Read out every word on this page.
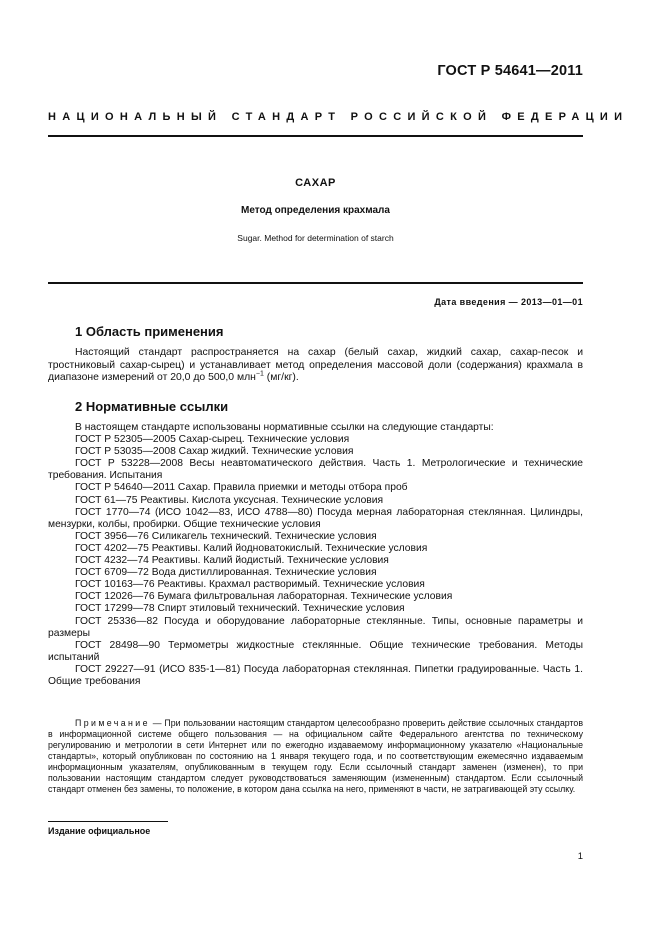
ГОСТ Р 54641—2011
НАЦИОНАЛЬНЫЙ СТАНДАРТ РОССИЙСКОЙ ФЕДЕРАЦИИ
САХАР
Метод определения крахмала
Sugar. Method for determination of starch
Дата введения — 2013—01—01
1 Область применения
Настоящий стандарт распространяется на сахар (белый сахар, жидкий сахар, сахар-песок и тростниковый сахар-сырец) и устанавливает метод определения массовой доли (содержания) крахмала в диапазоне измерений от 20,0 до 500,0 млн$^{-1}$ (мг/кг).
2 Нормативные ссылки
В настоящем стандарте использованы нормативные ссылки на следующие стандарты:
ГОСТ Р 52305—2005 Сахар-сырец. Технические условия
ГОСТ Р 53035—2008 Сахар жидкий. Технические условия
ГОСТ Р 53228—2008 Весы неавтоматического действия. Часть 1. Метрологические и технические требования. Испытания
ГОСТ Р 54640—2011 Сахар. Правила приемки и методы отбора проб
ГОСТ 61—75 Реактивы. Кислота уксусная. Технические условия
ГОСТ 1770—74 (ИСО 1042—83, ИСО 4788—80) Посуда мерная лабораторная стеклянная. Цилиндры, мензурки, колбы, пробирки. Общие технические условия
ГОСТ 3956—76 Силикагель технический. Технические условия
ГОСТ 4202—75 Реактивы. Калий йодноватокислый. Технические условия
ГОСТ 4232—74 Реактивы. Калий йодистый. Технические условия
ГОСТ 6709—72 Вода дистиллированная. Технические условия
ГОСТ 10163—76 Реактивы. Крахмал растворимый. Технические условия
ГОСТ 12026—76 Бумага фильтровальная лабораторная. Технические условия
ГОСТ 17299—78 Спирт этиловый технический. Технические условия
ГОСТ 25336—82 Посуда и оборудование лабораторные стеклянные. Типы, основные параметры и размеры
ГОСТ 28498—90 Термометры жидкостные стеклянные. Общие технические требования. Методы испытаний
ГОСТ 29227—91 (ИСО 835-1—81) Посуда лабораторная стеклянная. Пипетки градуированные. Часть 1. Общие требования
Примечание — При пользовании настоящим стандартом целесообразно проверить действие ссылочных стандартов в информационной системе общего пользования — на официальном сайте Федерального агентства по техническому регулированию и метрологии в сети Интернет или по ежегодно издаваемому информационному указателю «Национальные стандарты», который опубликован по состоянию на 1 января текущего года, и по соответствующим ежемесячно издаваемым информационным указателям, опубликованным в текущем году. Если ссылочный стандарт заменен (изменен), то при пользовании настоящим стандартом следует руководствоваться заменяющим (измененным) стандартом. Если ссылочный стандарт отменен без замены, то положение, в котором дана ссылка на него, применяют в части, не затрагивающей эту ссылку.
Издание официальное
1
